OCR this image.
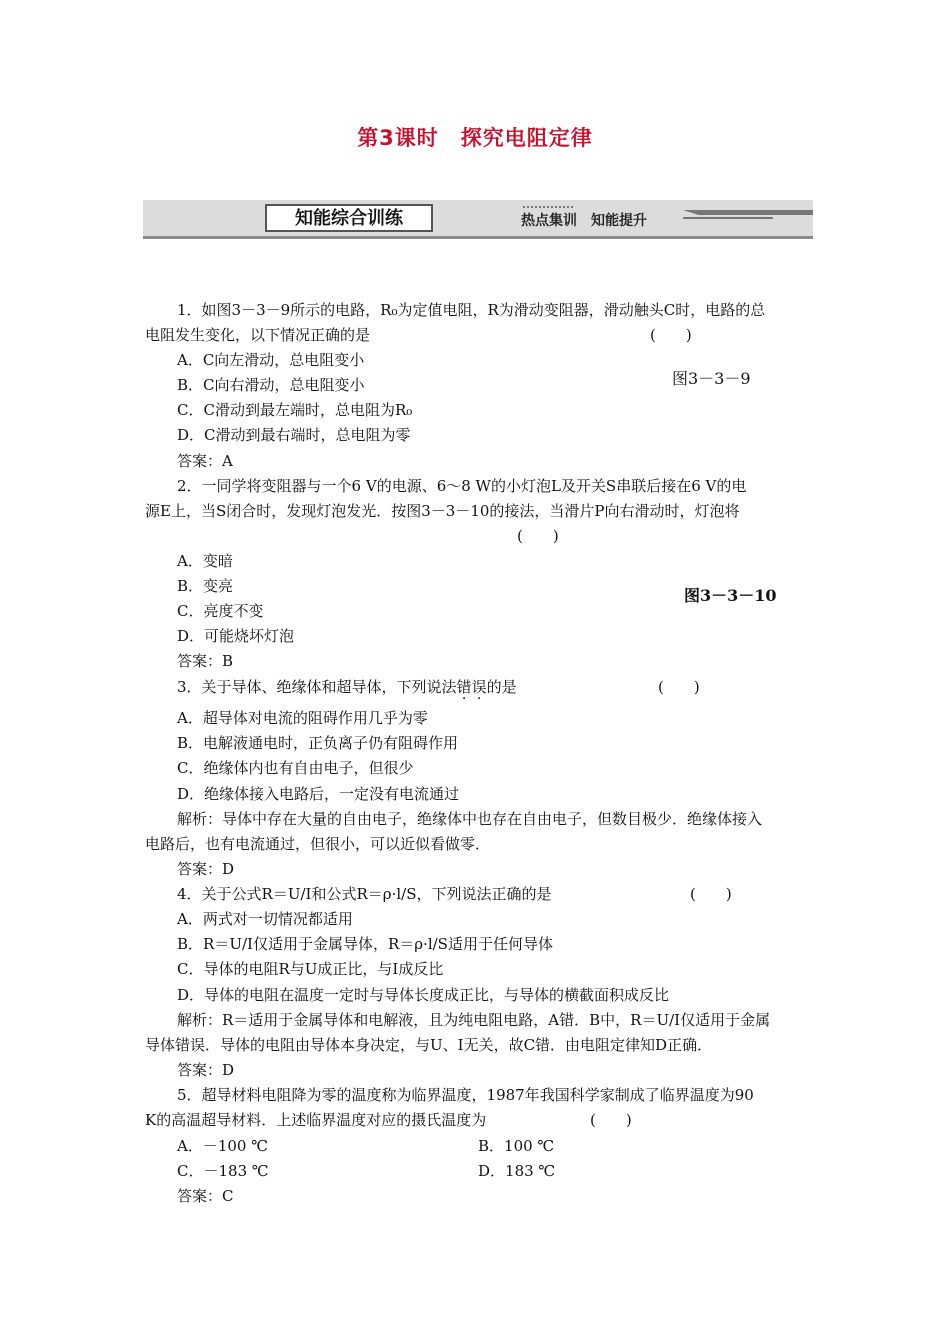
第3课时　探究电阻定律
知能综合训练	热点集训　知能提升
1．如图3－3－9所示的电路，R₀为定值电阻，R为滑动变阻器，滑动触头C时，电路的总
电阻发生变化，以下情况正确的是	(　　)
A．C向左滑动，总电阻变小
图3－3－9
B．C向右滑动，总电阻变小
C．C滑动到最左端时，总电阻为R₀
D．C滑动到最右端时，总电阻为零
答案：A
2．一同学将变阻器与一个6 V的电源、6～8 W的小灯泡L及开关S串联后接在6 V的电
源E上，当S闭合时，发现灯泡发光．按图3－3－10的接法，当滑片P向右滑动时，灯泡将
(　　)
A．变暗
B．变亮	图3－3－10
C．亮度不变
D．可能烧坏灯泡
答案：B
3．关于导体、绝缘体和超导体，下列说法错误的是	(　　)
A．超导体对电流的阻碍作用几乎为零
B．电解液通电时，正负离子仍有阻碍作用
C．绝缘体内也有自由电子，但很少
D．绝缘体接入电路后，一定没有电流通过
解析：导体中存在大量的自由电子，绝缘体中也存在自由电子，但数目极少．绝缘体接入
电路后，也有电流通过，但很小，可以近似看做零．
答案：D
4．关于公式R＝U/I和公式R＝ρ·l/S，下列说法正确的是	(　　)
A．两式对一切情况都适用
B．R＝U/I仅适用于金属导体，R＝ρ·l/S适用于任何导体
C．导体的电阻R与U成正比，与I成反比
D．导体的电阻在温度一定时与导体长度成正比，与导体的横截面积成反比
解析：R＝适用于金属导体和电解液，且为纯电阻电路，A错．B中，R＝U/I仅适用于金属
导体错误．导体的电阻由导体本身决定，与U、I无关，故C错．由电阻定律知D正确．
答案：D
5．超导材料电阻降为零的温度称为临界温度，1987年我国科学家制成了临界温度为90
K的高温超导材料．上述临界温度对应的摄氏温度为	(　　)
A．－100 ℃	B．100 ℃
C．－183 ℃	D．183 ℃
答案：C
